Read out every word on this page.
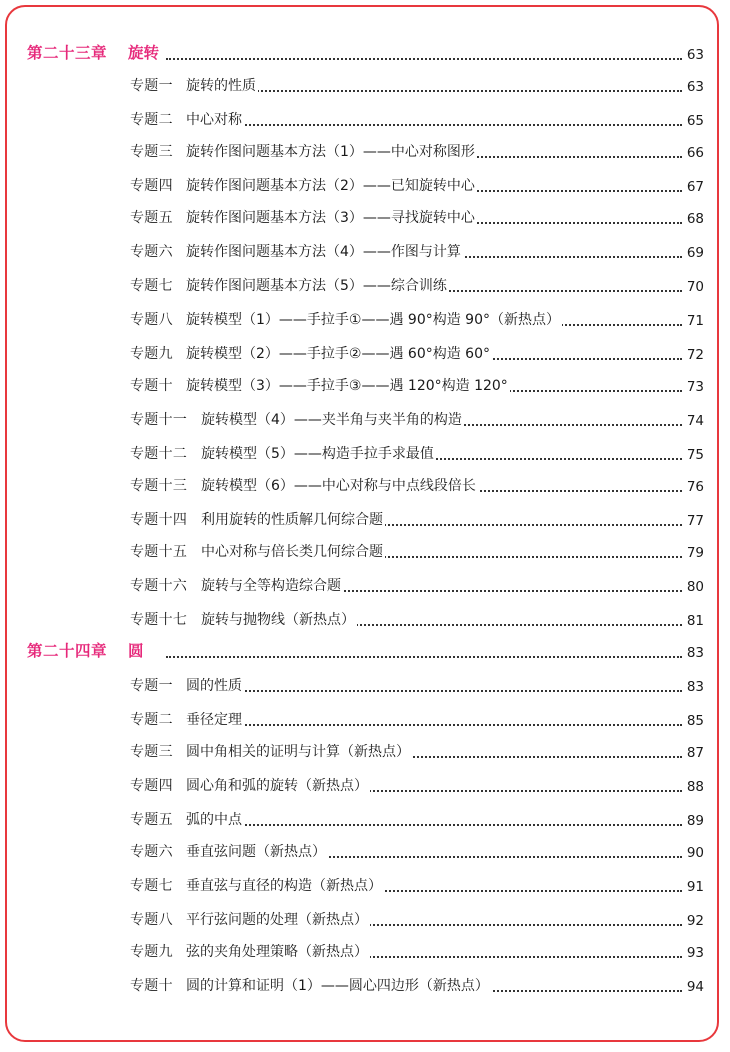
第二十三章 旋转	63
专题一 旋转的性质	63
专题二 中心对称	65
专题三 旋转作图问题基本方法（1）——中心对称图形	66
专题四 旋转作图问题基本方法（2）——已知旋转中心	67
专题五 旋转作图问题基本方法（3）——寻找旋转中心	68
专题六 旋转作图问题基本方法（4）——作图与计算	69
专题七 旋转作图问题基本方法（5）——综合训练	70
专题八 旋转模型（1）——手拉手①——遇 90°构造 90°（新热点）	71
专题九 旋转模型（2）——手拉手②——遇 60°构造 60°	72
专题十 旋转模型（3）——手拉手③——遇 120°构造 120°	73
专题十一 旋转模型（4）——夹半角与夹半角的构造	74
专题十二 旋转模型（5）——构造手拉手求最值	75
专题十三 旋转模型（6）——中心对称与中点线段倍长	76
专题十四 利用旋转的性质解几何综合题	77
专题十五 中心对称与倍长类几何综合题	79
专题十六 旋转与全等构造综合题	80
专题十七 旋转与抛物线（新热点）	81
第二十四章 圆	83
专题一 圆的性质	83
专题二 垂径定理	85
专题三 圆中角相关的证明与计算（新热点）	87
专题四 圆心角和弧的旋转（新热点）	88
专题五 弧的中点	89
专题六 垂直弦问题（新热点）	90
专题七 垂直弦与直径的构造（新热点）	91
专题八 平行弦问题的处理（新热点）	92
专题九 弦的夹角处理策略（新热点）	93
专题十 圆的计算和证明（1）——圆心四边形（新热点）	94
